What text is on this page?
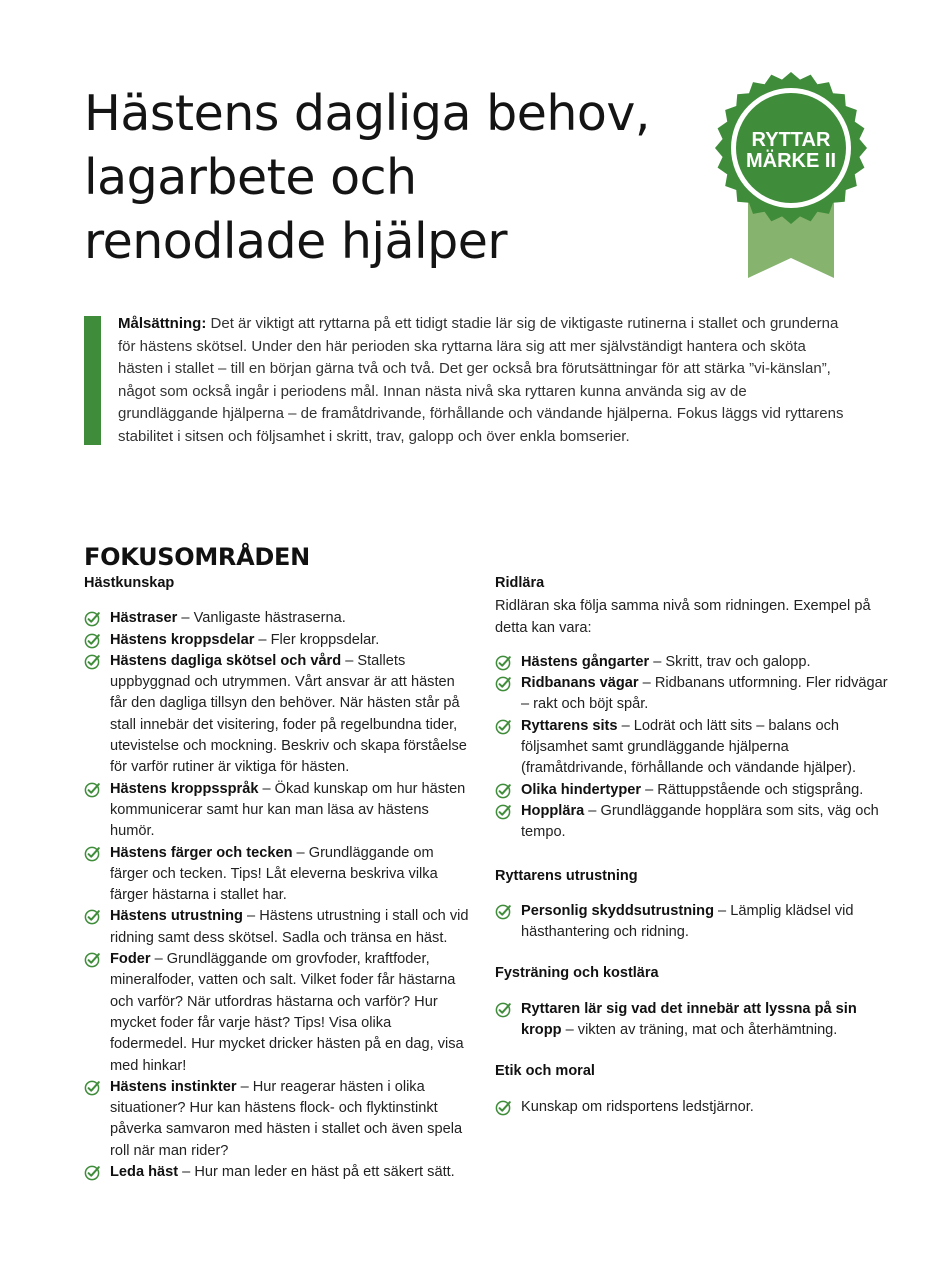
Hästens dagliga behov,
lagarbete och
renodlade hjälper
RYTTAR
MÄRKE II

Målsättning: Det är viktigt att ryttarna på ett tidigt stadie lär sig de viktigaste rutinerna i stallet och grunderna för hästens skötsel. Under den här perioden ska ryttarna lära sig att mer självständigt hantera och sköta hästen i stallet – till en början gärna två och två. Det ger också bra förutsättningar för att stärka ”vi-känslan”, något som också ingår i periodens mål. Innan nästa nivå ska ryttaren kunna använda sig av de grundläggande hjälperna – de framåtdrivande, förhållande och vändande hjälperna. Fokus läggs vid ryttarens stabilitet i sitsen och följsamhet i skritt, trav, galopp och över enkla bomserier.

FOKUSOMRÅDEN
Hästkunskap
Hästraser – Vanligaste hästraserna.
Hästens kroppsdelar – Fler kroppsdelar.
Hästens dagliga skötsel och vård – Stallets uppbyggnad och utrymmen. Vårt ansvar är att hästen får den dagliga tillsyn den behöver. När hästen står på stall innebär det visitering, foder på regelbundna tider, utevistelse och mockning. Beskriv och skapa förståelse för varför rutiner är viktiga för hästen.
Hästens kroppsspråk – Ökad kunskap om hur hästen kommunicerar samt hur kan man läsa av hästens humör.
Hästens färger och tecken – Grundläggande om färger och tecken. Tips! Låt eleverna beskriva vilka färger hästarna i stallet har.
Hästens utrustning – Hästens utrustning i stall och vid ridning samt dess skötsel. Sadla och tränsa en häst.
Foder – Grundläggande om grovfoder, kraftfoder, mineralfoder, vatten och salt. Vilket foder får hästarna och varför? När utfordras hästarna och varför? Hur mycket foder får varje häst? Tips! Visa olika fodermedel. Hur mycket dricker hästen på en dag, visa med hinkar!
Hästens instinkter – Hur reagerar hästen i olika situationer? Hur kan hästens flock- och flyktinstinkt påverka samvaron med hästen i stallet och även spela roll när man rider?
Leda häst – Hur man leder en häst på ett säkert sätt.
Ridlära
Ridläran ska följa samma nivå som ridningen. Exempel på detta kan vara:
Hästens gångarter – Skritt, trav och galopp.
Ridbanans vägar – Ridbanans utformning. Fler ridvägar – rakt och böjt spår.
Ryttarens sits – Lodrät och lätt sits – balans och följsamhet samt grundläggande hjälperna (framåtdrivande, förhållande och vändande hjälper).
Olika hindertyper – Rättuppstående och stigsprång.
Hopplära – Grundläggande hopplära som sits, väg och tempo.
Ryttarens utrustning
Personlig skyddsutrustning – Lämplig klädsel vid hästhantering och ridning.
Fysträning och kostlära
Ryttaren lär sig vad det innebär att lyssna på sin kropp – vikten av träning, mat och återhämtning.
Etik och moral
Kunskap om ridsportens ledstjärnor.
